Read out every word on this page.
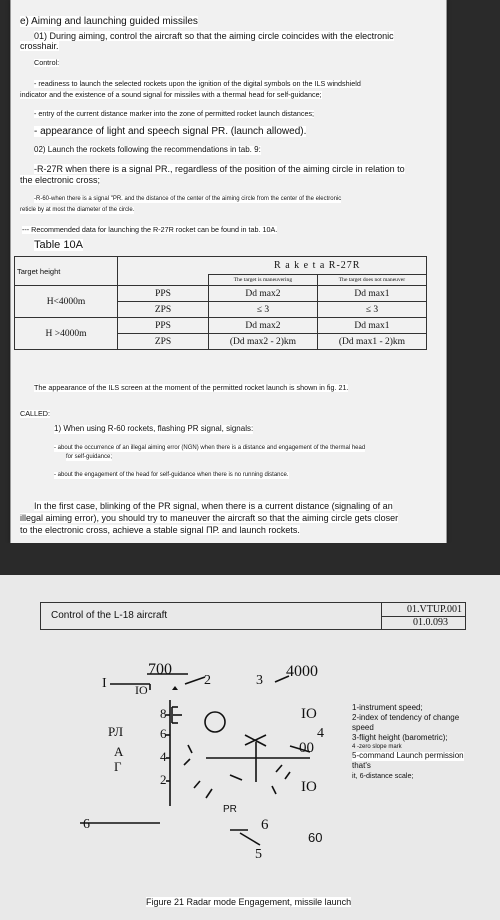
e) Aiming and launching guided missiles
01) During aiming, control the aircraft so that the aiming circle coincides with the electronic
crosshair.
Control:
- readiness to launch the selected rockets upon the ignition of the digital symbols on the ILS windshield
indicator and the existence of a sound signal for missiles with a thermal head for self-guidance;
- entry of the current distance marker into the zone of permitted rocket launch distances;
- appearance of light and speech signal PR. (launch allowed).
02) Launch the rockets following the recommendations in tab. 9:
-R-27R when there is a signal PR., regardless of the position of the aiming circle in relation to
the electronic cross;
-R-60-when there is a signal "PR. and the distance of the center of the aiming circle from the center of the electronic
reticle by at most the diameter of the circle.
--- Recommended data for launching the R-27R rocket can be found in tab. 10A.
Table 10A
Target height		R a k e t a R-27R	
		The target is maneuvering	The target does not maneuver
H<4000m	PPS	Dd max2	Dd max1
	ZPS	≤ 3	≤ 3
H >4000m	PPS	Dd max2	Dd max1
	ZPS	(Dd max2 - 2)km	(Dd max1 - 2)km
The appearance of the ILS screen at the moment of the permitted rocket launch is shown in fig. 21.
CALLED:
1) When using R-60 rockets, flashing PR signal, signals:
- about the occurrence of an illegal aiming error (NGN) when there is a distance and engagement of the thermal head
for self-guidance;
- about the engagement of the head for self-guidance when there is no running distance.
In the first case, blinking of the PR signal, when there is a current distance (signaling of an
illegal aiming error), you should try to maneuver the aircraft so that the aiming circle gets closer
to the electronic cross, achieve a stable signal ПР. and launch rockets.
Control of the L-18 aircraft
01.VTUP.001
01.0.093
I
700
IO
2	3
4000
8
РЛ	6
4
2
А
Г
IO
4
00
IO
6
PR
6
5
60
1-instrument speed;
2-index of tendency of change
speed
3-flight height (barometric);
4 -zero slope mark
5-command Launch permission
that's
it, 6-distance scale;
Figure 21 Radar mode Engagement, missile launch
